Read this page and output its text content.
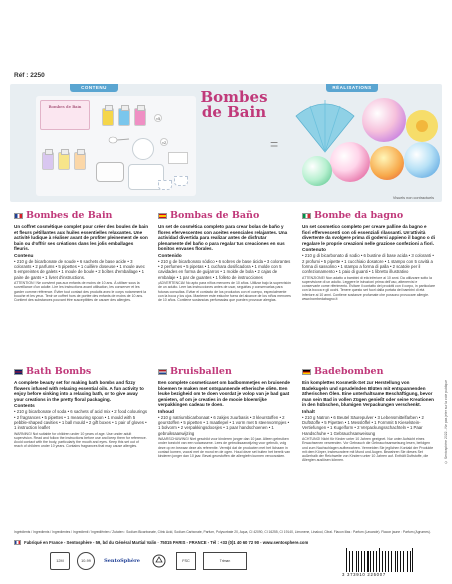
Réf : 2250
CONTENU	RÉALISATIONS
Bombes de Bain
×2
×5
Bombes
de Bain
=
Visuels non contractuels
Bombes de Bain
Un coffret cosmétique complet pour créer des boules de bain et fleurs pétillantes aux huiles essentielles relaxantes. Une activité ludique à réaliser avant de profiter pleinement de son bain ou d'offrir ses créations dans les jolis emballages fleuris.
Contenu
• 210 g de bicarbonate de soude • 6 sachets de base acide • 3 colorants • 2 parfums • 5 pipettes • 1 cuillère doseuse • 1 moule avec 5 empreintes de galets • 1 moule de boule • 2 boîtes d'emballage • 1 paire de gants • 1 livret d'instructions.
ATTENTION ! Ne convient pas aux enfants de moins de 10 ans. À utiliser sous la surveillance d'un adulte. Lire les instructions avant utilisation, les conserver et les garder comme référence. Éviter tout contact des produits avec le corps notamment la bouche et les yeux. Tenir ce coffret hors de portée des enfants de moins de 10 ans. Contient des substances pouvant être susceptibles de causer des allergies.
Bombas de Baño
Un set de cosmética completo para crear bolas de baño y flores efervescentes con aceites esenciales relajantes. Una actividad divertida para realizar antes de disfrutar plenamente del baño o para regalar tus creaciones en sus bonitos envases florales.
Contenido
• 210 g de bicarbonato sódico • 6 sobres de base ácida • 3 colorantes • 2 perfumes • 5 pipetas • 1 cuchara dosificadora • 1 molde con 5 cavidades en forma de guijarros • 1 molde de bola • 2 cajas de embalaje • 1 par de guantes • 1 folleto de instrucciones
¡ADVERTENCIA! No apto para niños menores de 10 años. Utilizar bajo la supervisión de un adulto. Leer las instrucciones antes de usar, seguirlas y conservarlas para futuras consultas. Evitar el contacto de los productos con el cuerpo, especialmente con la boca y los ojos. Mantener este estuche fuera del alcance de los niños menores de 10 años. Contiene sustancias perfumadas que pueden provocar alergias.
Bombe da bagno
Un set cosmetico completo per creare palline da bagno e fiori effervescenti con oli essenziali rilassanti. Un'attività divertente da svolgere prima di godersi appieno il bagno o di regalare le proprie creazioni nelle graziose confezioni a fiori.
Contenuto
• 210 g di bicarbonato di sodio • 6 bustine di base acida • 3 coloranti • 2 profumi • 5 pipette • 1 cucchiaio dosatore • 1 stampo con 5 cavità a forma di sassolino • 1 stampo a forma di palla • 2 scatole per il confezionamento • 1 paio di guanti • 1 libretto illustrativo
ATTENZIONE! Non adatto a bambini di età inferiore ai 10 anni. Da utilizzare sotto la supervisione di un adulto. Leggere le istruzioni prima dell'uso, attenervisi e conservarle come riferimento. Evitare il contatto dei prodotti con il corpo, in particolare con la bocca e gli occhi. Tenere questo set fuori dalla portata dei bambini di età inferiore ai 10 anni. Contiene sostanze profumate che possono provocare allergie. www.bombedabagno.it
Bath Bombs
A complete beauty set for making bath bombs and fizzy flowers infused with relaxing essential oils. A fun activity to enjoy before sinking into a relaxing bath, or to give away your creations in the pretty floral packaging.
Contents
• 210 g bicarbonate of soda • 6 sachets of acid mix • 2 food colourings • 2 fragrances • 5 pipettes • 1 measuring spoon • 1 mould with 5 pebble-shaped cavities • 1 ball mould • 2 gift boxes • 1 pair of gloves • 1 instruction leaflet
WARNING! Not suitable for children under 10 years of age. Use under adult supervision. Read and follow the instructions before use and keep them for reference. Avoid contact with the body, particularly the mouth and eyes. Keep this set out of reach of children under 10 years. Contains fragrances that may cause allergies.
Bruisballen
Een complete cosmeticaset om badbommetjes en bruisende bloemen te maken met ontspannende etherische oliën. Een leuke bezigheid om te doen voordat je volop van je bad gaat genieten, of om je creaties in de mooie bloemrijke verpakkingen cadeau te doen.
Inhoud
• 210 g natriumbicarbonaat • 6 zakjes zuurbasis • 3 kleurstoffen • 2 geurstoffen • 5 pipetten • 1 maatlepel • 1 vorm met 5 steenvormpjes • 1 bolvorm • 2 verpakkingsdoosjes • 1 paar handschoenen • 1 gebruiksaanwijzing
WAARSCHUWING! Niet geschikt voor kinderen jonger dan 10 jaar. Alleen gebruiken onder toezicht van een volwassene. Lees de gebruiksaanwijzing voor gebruik, volg deze op en bewaar deze als referentie. Vermijd dat de producten met het lichaam in contact komen, vooral met de mond en de ogen. Houd deze set buiten het bereik van kinderen jonger dan 10 jaar. Bevat geurstoffen die allergieën kunnen veroorzaken.
Badebomben
Ein komplettes Kosmetik-Set zur Herstellung von Badekugeln und sprudelnden Blüten mit entspannenden ätherischen Ölen. Eine unterhaltsame Beschäftigung, bevor man sein Bad in vollen Zügen genießt oder seine Kreationen in den hübschen, blumigen Verpackungen verschenkt.
Inhalt
• 210 g Natron • 6 Beutel Säurepulver • 3 Lebensmittelfarben • 2 Duftstoffe • 5 Pipetten • 1 Messlöffel • 1 Formmit 5 Kieselstein-Vertiefungen • 1 Kugelform • 2 Verpackungsschachteln • 1 Paar Handschuhe • 1 Gebrauchsanweisung
ACHTUNG! Nicht für Kinder unter 10 Jahren geeignet. Nur unter Aufsicht eines Erwachsenen verwenden. Vor Gebrauch die Gebrauchsanweisung lesen, befolgen und zum Nachschlagen aufbewahren. Vermeiden Sie jeglichen Kontakt der Produkte mit dem Körper, insbesondere mit Mund und Augen. Bewahren Sie dieses Set außerhalb der Reichweite von Kindern unter 10 Jahren auf. Enthält Duftstoffe, die Allergien auslösen können.
Ingrédients / Ingredients / Ingredientes / Ingredienti / Ingrediënten / Zutaten : Sodium Bicarbonate, Citric Acid, Sodium Carbonate, Parfum, Polysorbate 20, Aqua, CI 42090, CI 16255, CI 19140, Limonene, Linalool, Citral. Flacon lilas : Parfum (Lavande). Flacon jaune : Parfum (Agrumes).
Fabriqué en France - Sentosphère - 59, bd du Général Martial Valin · 75015 PARIS - FRANCE - Tél : +33 (0)1 40 60 72 90 - www.sentosphere.com
12M	10-99	SentoSphère	FSC	Triman
3 373910 225007
© Sentosphère 2022 - Ne pas jeter sur la voie publique
